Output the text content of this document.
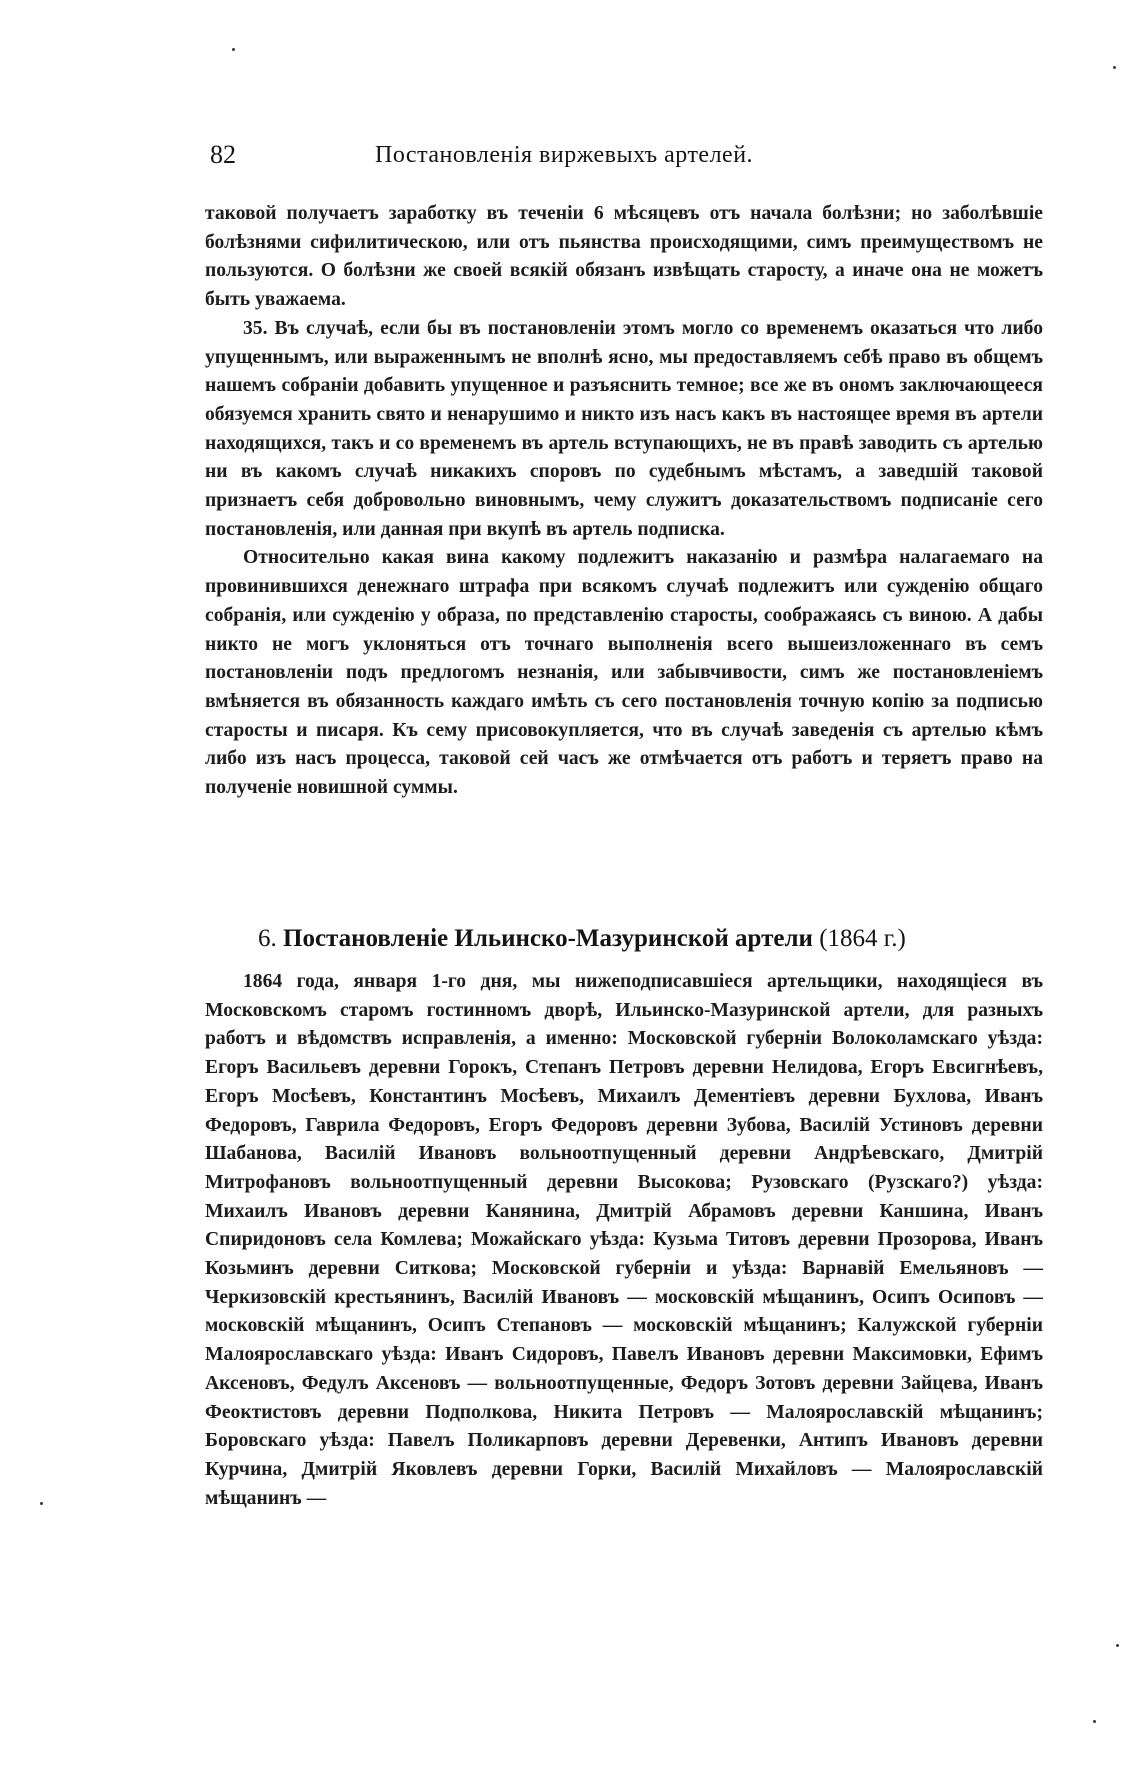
82	Постановленія виржевыхъ артелей.

таковой получаетъ заработку въ теченіи 6 мѣсяцевъ отъ начала болѣзни; но заболѣвшіе болѣзнями сифилитическою, или отъ пьянства происходящими, симъ преимуществомъ не пользуются. О болѣзни же своей всякій обязанъ извѣщать старосту, а иначе она не можетъ быть уважаема.

35. Въ случаѣ, если бы въ постановленіи этомъ могло со временемъ оказаться что либо упущеннымъ, или выраженнымъ не вполнѣ ясно, мы предоставляемъ себѣ право въ общемъ нашемъ собраніи добавить упущенное и разъяснить темное; все же въ ономъ заключающееся обязуемся хранить свято и ненарушимо и никто изъ насъ какъ въ настоящее время въ артели находящихся, такъ и со временемъ въ артель вступающихъ, не въ правѣ заводить съ артелью ни въ какомъ случаѣ никакихъ споровъ по судебнымъ мѣстамъ, а заведшій таковой признаетъ себя добровольно виновнымъ, чему служитъ доказательствомъ подписаніе сего постановленія, или данная при вкупѣ въ артель подписка.

Относительно какая вина какому подлежитъ наказанію и размѣра налагаемаго на провинившихся денежнаго штрафа при всякомъ случаѣ подлежитъ или сужденію общаго собранія, или сужденію у образа, по представленію старосты, соображаясь съ виною. А дабы никто не могъ уклоняться отъ точнаго выполненія всего вышеизложеннаго въ семъ постановленіи подъ предлогомъ незнанія, или забывчивости, симъ же постановленіемъ вмѣняется въ обязанность каждаго имѣть съ сего постановленія точную копію за подписью старосты и писаря. Къ сему присовокупляется, что въ случаѣ заведенія съ артелью кѣмъ либо изъ насъ процесса, таковой сей часъ же отмѣчается отъ работъ и теряетъ право на полученіе новишной суммы.

6. Постановленіе Ильинско-Мазуринской артели (1864 г.)

1864 года, января 1-го дня, мы нижеподписавшіеся артельщики, находящіеся въ Московскомъ старомъ гостинномъ дворѣ, Ильинско-Мазуринской артели, для разныхъ работъ и вѣдомствъ исправленія, а именно: Московской губерніи Волоколамскаго уѣзда: Егоръ Васильевъ деревни Горокъ, Степанъ Петровъ деревни Нелидова, Егоръ Евсигнѣевъ, Егоръ Мосѣевъ, Константинъ Мосѣевъ, Михаилъ Дементіевъ деревни Бухлова, Иванъ Федоровъ, Гаврила Федоровъ, Егоръ Федоровъ деревни Зубова, Василій Устиновъ деревни Шабанова, Василій Ивановъ вольноотпущенный деревни Андрѣевскаго, Дмитрій Митрофановъ вольноотпущенный деревни Высокова; Рузовскаго (Рузскаго?) уѣзда: Михаилъ Ивановъ деревни Канянина, Дмитрій Абрамовъ деревни Каншина, Иванъ Спиридоновъ села Комлева; Можайскаго уѣзда: Кузьма Титовъ деревни Прозорова, Иванъ Козьминъ деревни Ситкова; Московской губерніи и уѣзда: Варнавій Емельяновъ — Черкизовскій крестьянинъ, Василій Ивановъ — московскій мѣщанинъ, Осипъ Осиповъ — московскій мѣщанинъ, Осипъ Степановъ — московскій мѣщанинъ; Калужской губерніи Малоярославскаго уѣзда: Иванъ Сидоровъ, Павелъ Ивановъ деревни Максимовки, Ефимъ Аксеновъ, Федулъ Аксеновъ — вольноотпущенные, Федоръ Зотовъ деревни Зайцева, Иванъ Феоктистовъ деревни Подполкова, Никита Петровъ — Малоярославскій мѣщанинъ; Боровскаго уѣзда: Павелъ Поликарповъ деревни Деревенки, Антипъ Ивановъ деревни Курчина, Дмитрій Яковлевъ деревни Горки, Василій Михайловъ — Малоярославскій мѣщанинъ —
